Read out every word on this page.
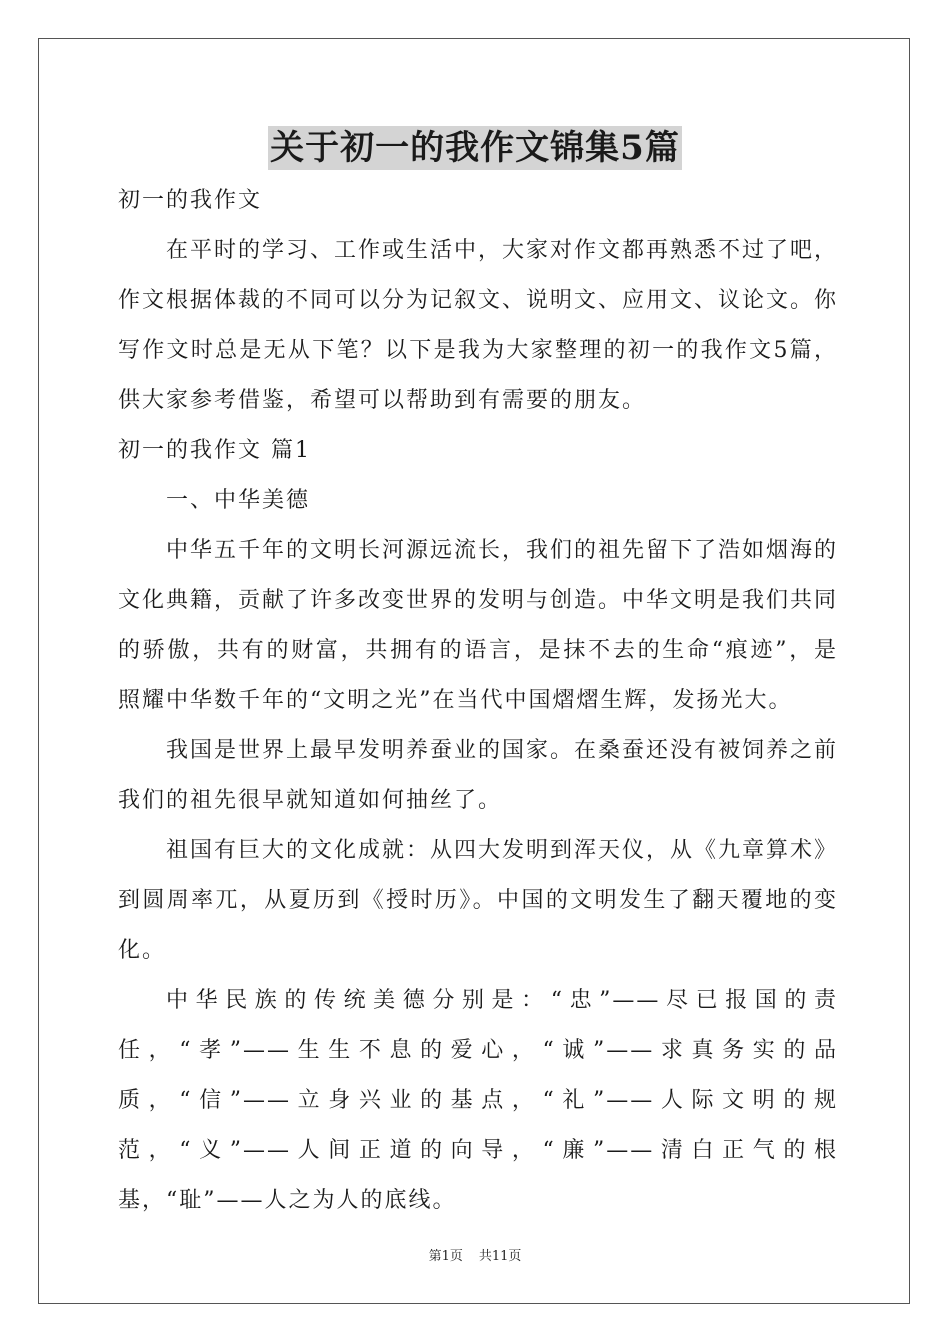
关于初一的我作文锦集5篇

初一的我作文

在平时的学习、工作或生活中，大家对作文都再熟悉不过了吧，作文根据体裁的不同可以分为记叙文、说明文、应用文、议论文。你写作文时总是无从下笔？以下是我为大家整理的初一的我作文5篇，供大家参考借鉴，希望可以帮助到有需要的朋友。

初一的我作文 篇1

一、中华美德

中华五千年的文明长河源远流长，我们的祖先留下了浩如烟海的文化典籍，贡献了许多改变世界的发明与创造。中华文明是我们共同的骄傲，共有的财富，共拥有的语言，是抹不去的生命“痕迹”，是照耀中华数千年的“文明之光”在当代中国熠熠生辉，发扬光大。

我国是世界上最早发明养蚕业的国家。在桑蚕还没有被饲养之前我们的祖先很早就知道如何抽丝了。

祖国有巨大的文化成就：从四大发明到浑天仪，从《九章算术》到圆周率兀，从夏历到《授时历》。中国的文明发生了翻天覆地的变化。

中华民族的传统美德分别是：“忠”——尽已报国的责任，“孝”——生生不息的爱心，“诚”——求真务实的品质，“信”——立身兴业的基点，“礼”——人际文明的规范，“义”——人间正道的向导，“廉”——清白正气的根基，“耻”——人之为人的底线。

第1页 共11页
